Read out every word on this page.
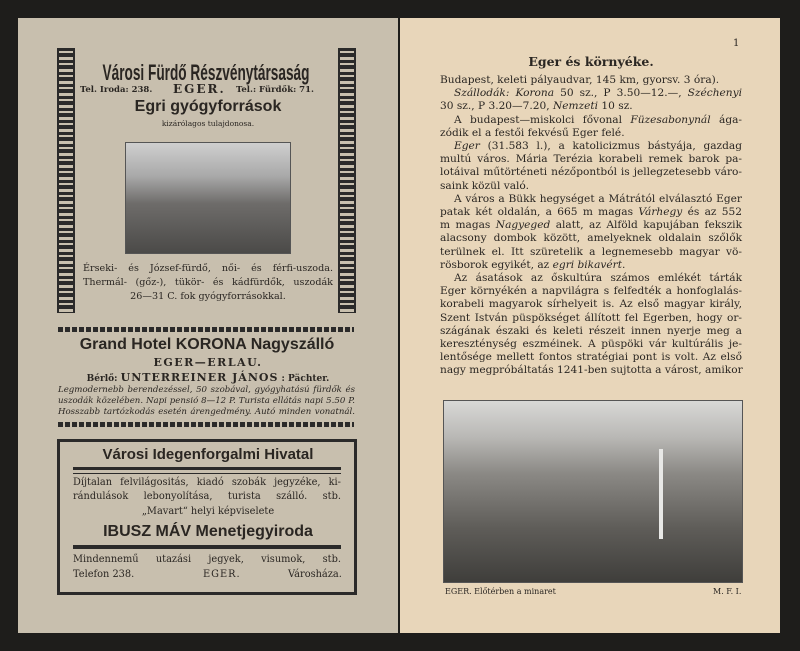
Városi Fürdő Részvénytársaság
Tel. Iroda: 238. EGER. Tel.: Fürdők: 71.
Egri gyógyforrások
kizárólagos tulajdonosa.
Érseki- és József-fürdő, női- és férfi-uszoda.
Thermál- (gőz-), tükör- és kádfürdők, uszodák
26—31 C. fok gyógyforrásokkal.
Grand Hotel KORONA Nagyszálló
EGER—ERLAU.
Bérlő: UNTERREINER JÁNOS : Pächter.
Legmodernebb berendezéssel, 50 szobával, gyógyhatású fürdők és
uszodák közelében. Napi pensió 8—12 P. Turista ellátás napi 5.50 P.
Hosszabb tartózkodás esetén árengedmény. Autó minden vonatnál.
Városi Idegenforgalmi Hivatal
Díjtalan felvilágositás, kiadó szobák jegyzéke, ki-
rándulások lebonyolítása, turista szálló. stb.
„Mavart“ helyi képviselete
IBUSZ MÁV Menetjegyiroda
Mindennemű utazási jegyek, visumok, stb.
Telefon 238.	EGER.	Városháza.
1
Eger és környéke.
Budapest, keleti pályaudvar, 145 km, gyorsv. 3 óra).
Szállodák: Korona 50 sz., P 3.50—12.—, Széchenyi
30 sz., P 3.20—7.20, Nemzeti 10 sz.
A budapest—miskolci fővonal Füzesabonynál ága-
zódik el a festői fekvésű Eger felé.
Eger (31.583 l.), a katolicizmus bástyája, gazdag
multú város. Mária Terézia korabeli remek barok pa-
lotáival műtörténeti nézőpontból is jellegzetesebb váro-
saink közül való.
A város a Bükk hegységet a Mátrától elválasztó Eger
patak két oldalán, a 665 m magas Várhegy és az 552
m magas Nagyeged alatt, az Alföld kapujában fekszik
alacsony dombok között, amelyeknek oldalain szőlők
terülnek el. Itt szüretelik a legnemesebb magyar vö-
rösborok egyikét, az egri bikavért.
Az ásatások az őskultúra számos emlékét tárták
Eger környékén a napvilágra s felfedték a honfoglalás-
korabeli magyarok sírhelyeit is. Az első magyar király,
Szent István püspökséget állított fel Egerben, hogy or-
szágának északi és keleti részeit innen nyerje meg a
kereszténység eszméinek. A püspöki vár kultúrális je-
lentősége mellett fontos stratégiai pont is volt. Az első
nagy megpróbáltatás 1241-ben sujtotta a várost, amikor
EGER. Előtérben a minaret	M. F. I.
